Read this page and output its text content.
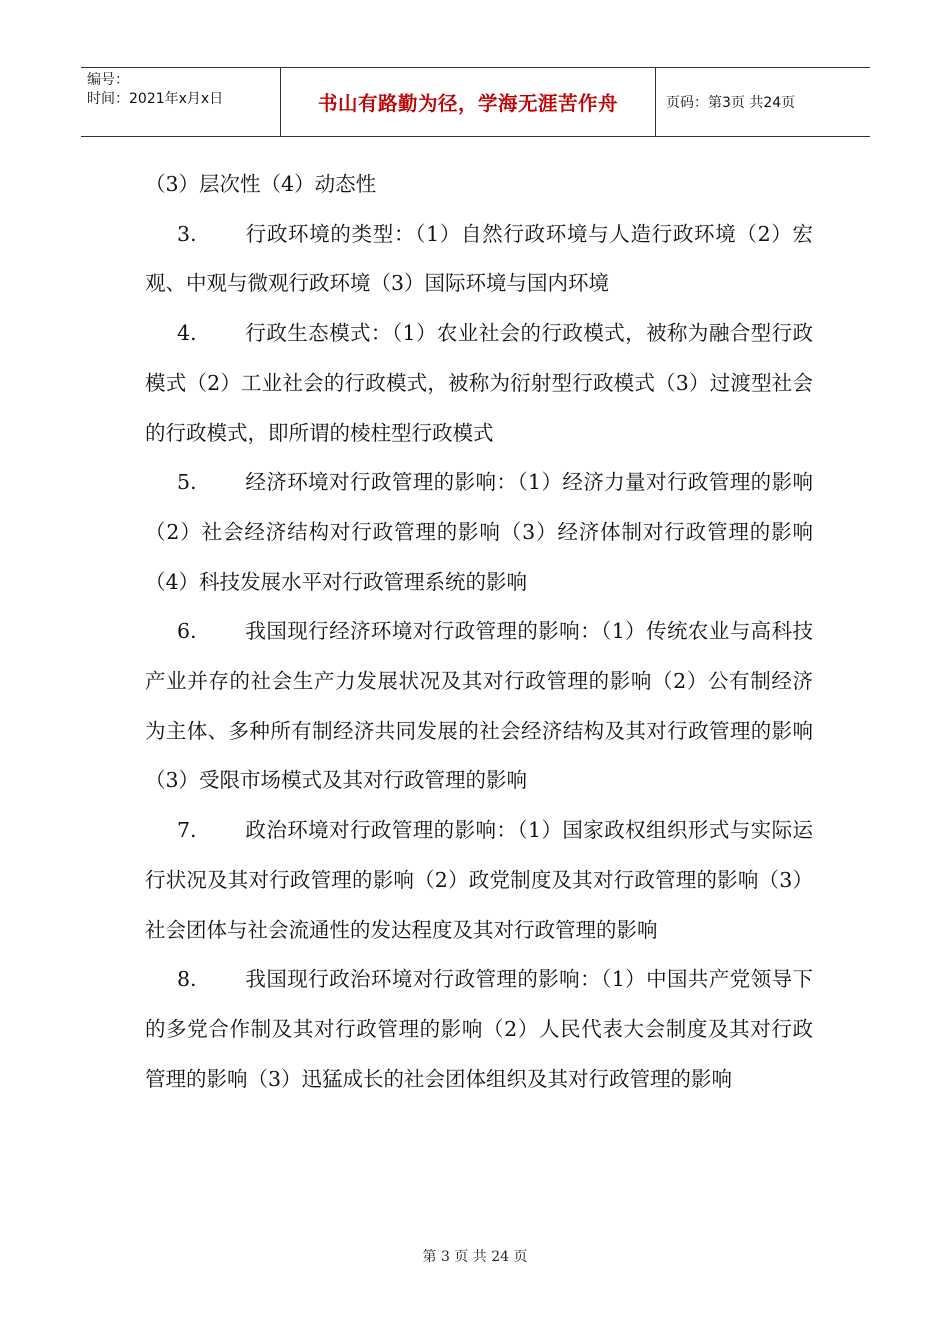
编号：
时间：2021年x月x日	书山有路勤为径，学海无涯苦作舟	页码：第3页 共24页

（3）层次性（4）动态性

3. 行政环境的类型：（1）自然行政环境与人造行政环境（2）宏观、中观与微观行政环境（3）国际环境与国内环境

4. 行政生态模式：（1）农业社会的行政模式，被称为融合型行政模式（2）工业社会的行政模式，被称为衍射型行政模式（3）过渡型社会的行政模式，即所谓的棱柱型行政模式

5. 经济环境对行政管理的影响：（1）经济力量对行政管理的影响（2）社会经济结构对行政管理的影响（3）经济体制对行政管理的影响（4）科技发展水平对行政管理系统的影响

6. 我国现行经济环境对行政管理的影响：（1）传统农业与高科技产业并存的社会生产力发展状况及其对行政管理的影响（2）公有制经济为主体、多种所有制经济共同发展的社会经济结构及其对行政管理的影响（3）受限市场模式及其对行政管理的影响

7. 政治环境对行政管理的影响：（1）国家政权组织形式与实际运行状况及其对行政管理的影响（2）政党制度及其对行政管理的影响（3）社会团体与社会流通性的发达程度及其对行政管理的影响

8. 我国现行政治环境对行政管理的影响：（1）中国共产党领导下的多党合作制及其对行政管理的影响（2）人民代表大会制度及其对行政管理的影响（3）迅猛成长的社会团体组织及其对行政管理的影响

第 3 页 共 24 页
